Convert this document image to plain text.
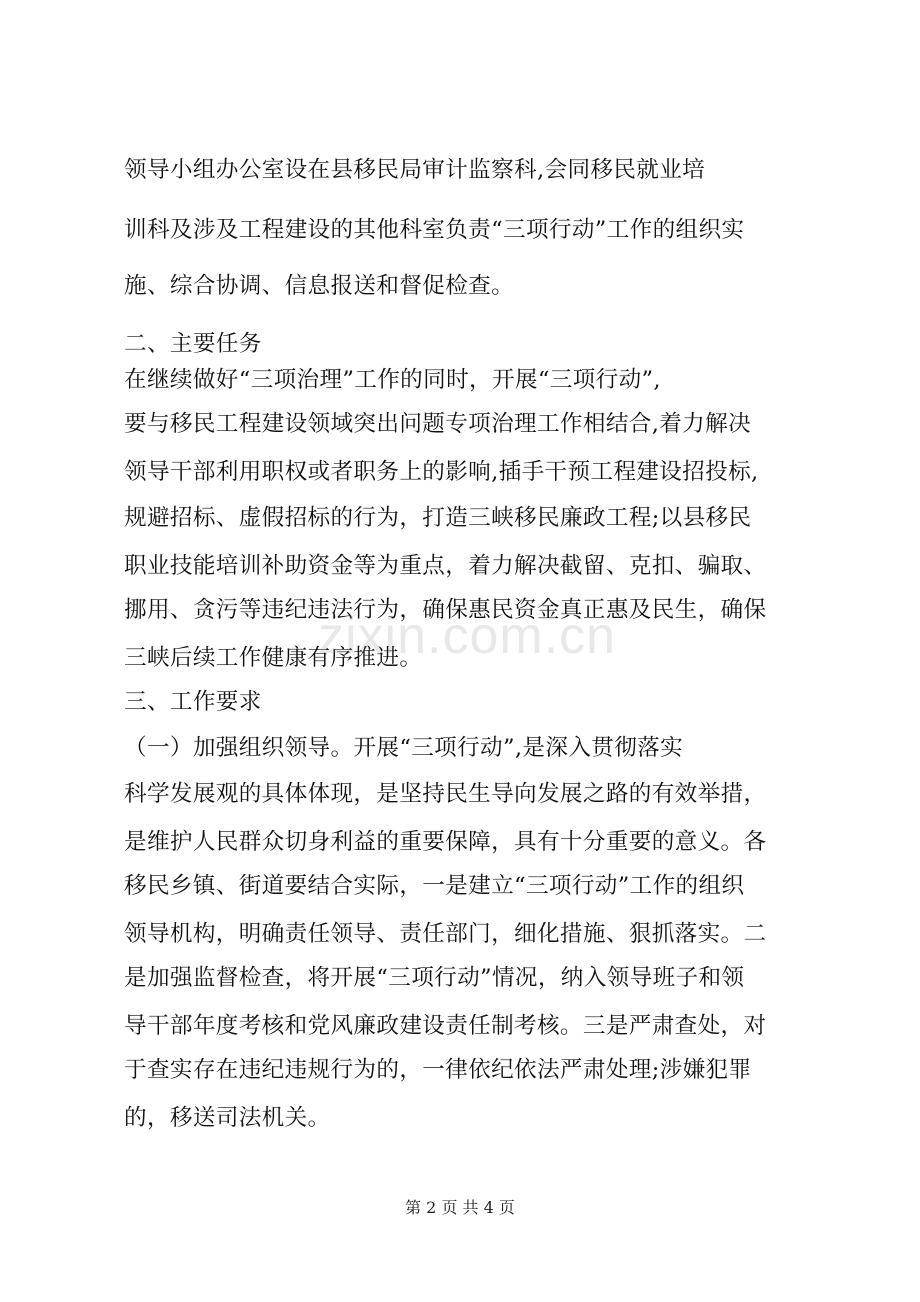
领导小组办公室设在县移民局审计监察科,会同移民就业培
训科及涉及工程建设的其他科室负责“三项行动”工作的组织实
施、综合协调、信息报送和督促检查。
二、主要任务
在继续做好“三项治理”工作的同时，开展“三项行动”,
要与移民工程建设领域突出问题专项治理工作相结合,着力解决
领导干部利用职权或者职务上的影响,插手干预工程建设招投标,
规避招标、虚假招标的行为，打造三峡移民廉政工程;以县移民
职业技能培训补助资金等为重点，着力解决截留、克扣、骗取、
挪用、贪污等违纪违法行为，确保惠民资金真正惠及民生，确保
三峡后续工作健康有序推进。
三、工作要求
（一）加强组织领导。开展“三项行动”,是深入贯彻落实
科学发展观的具体体现，是坚持民生导向发展之路的有效举措，
是维护人民群众切身利益的重要保障，具有十分重要的意义。各
移民乡镇、街道要结合实际，一是建立“三项行动”工作的组织
领导机构，明确责任领导、责任部门，细化措施、狠抓落实。二
是加强监督检查，将开展“三项行动”情况，纳入领导班子和领
导干部年度考核和党风廉政建设责任制考核。三是严肃查处，对
于查实存在违纪违规行为的，一律依纪依法严肃处理;涉嫌犯罪
的，移送司法机关。
zixin.com.cn
第 2 页 共 4 页
